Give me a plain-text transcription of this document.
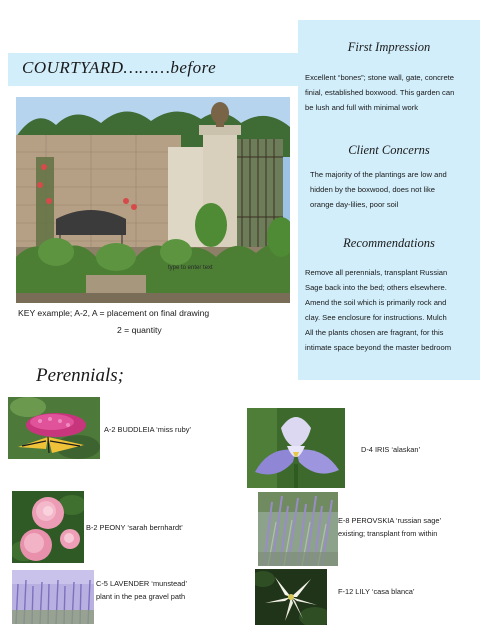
COURTYARD………before
First Impression
Excellent “bones”; stone wall, gate, concrete
finial, established boxwood. This garden can
be lush and full with minimal work
Client Concerns
The majority of the plantings are low and
hidden by the boxwood, does not like
orange day-lilies, poor soil
Recommendations
Remove all perennials, transplant Russian
Sage back into the bed; others elsewhere.
Amend the soil which is primarily rock and
clay. See enclosure for instructions. Mulch
All the plants chosen are fragrant, for this
intimate space beyond the master bedroom
type to enter text
KEY example; A-2, A = placement on final drawing
2 = quantity
Perennials;
A-2 BUDDLEIA ‘miss ruby’
D-4 IRIS ‘alaskan’
B-2 PEONY ‘sarah bernhardt’
E-8 PEROVSKIA ‘russian sage’
existing; transplant from within
C-5 LAVENDER ‘munstead’
plant in the pea gravel path
F-12 LILY ‘casa blanca’
